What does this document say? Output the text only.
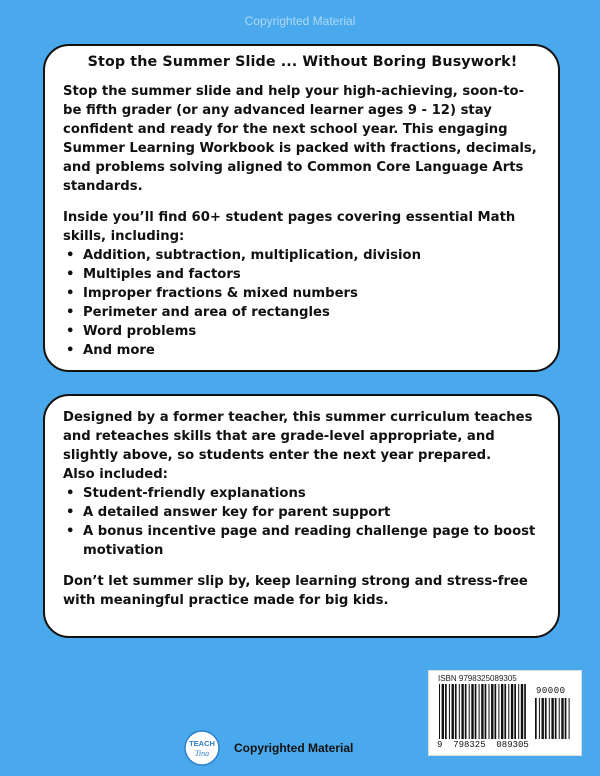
Copyrighted Material
Stop the Summer Slide ... Without Boring Busywork!

Stop the summer slide and help your high-achieving, soon-to-be fifth grader (or any advanced learner ages 9 - 12) stay confident and ready for the next school year. This engaging Summer Learning Workbook is packed with fractions, decimals, and problems solving aligned to Common Core Language Arts standards.

Inside you’ll find 60+ student pages covering essential Math skills, including:

• Addition, subtraction, multiplication, division
• Multiples and factors
• Improper fractions & mixed numbers
• Perimeter and area of rectangles
• Word problems
• And more

Designed by a former teacher, this summer curriculum teaches and reteaches skills that are grade-level appropriate, and slightly above, so students enter the next year prepared.

Also included:

• Student-friendly explanations
• A detailed answer key for parent support
• A bonus incentive page and reading challenge page to boost motivation

Don’t let summer slip by, keep learning strong and stress-free with meaningful practice made for big kids.

ISBN 9798325089305
90000
9  798325  089305
TEACH
Tina Copyrighted Material
